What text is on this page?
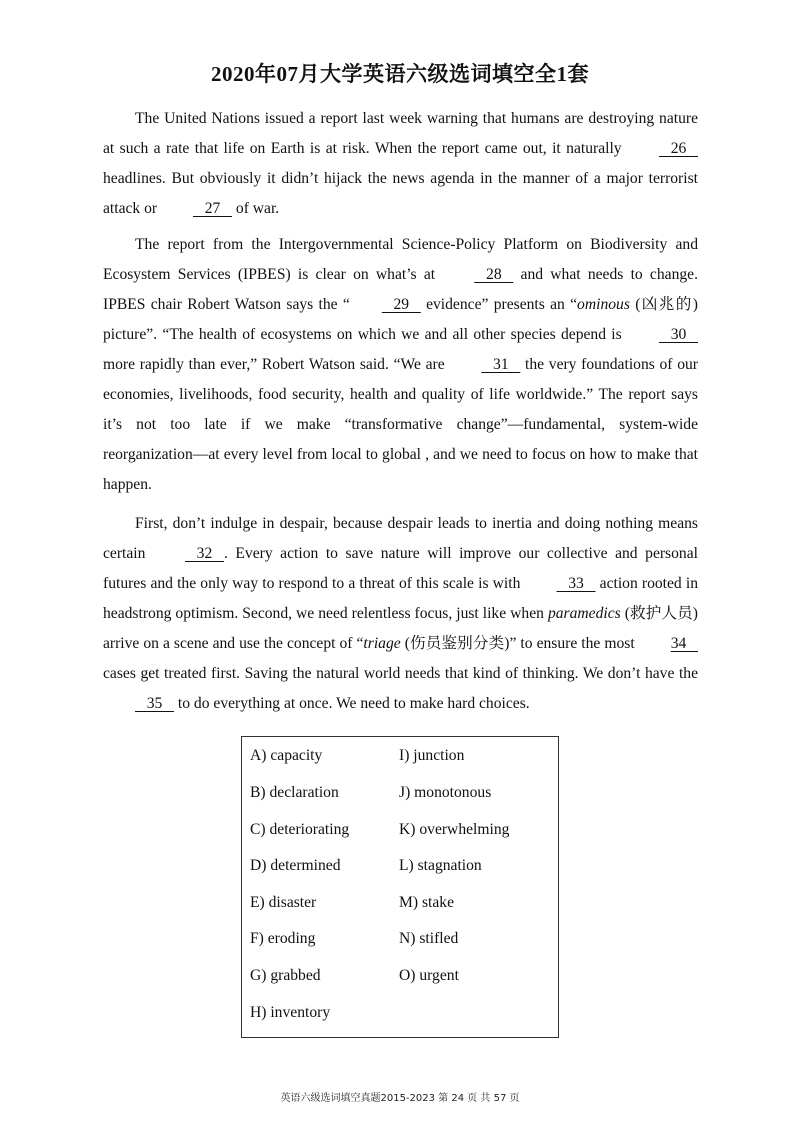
2020年07月大学英语六级选词填空全1套

The United Nations issued a report last week warning that humans are destroying nature at such a rate that life on Earth is at risk. When the report came out, it naturally    26    headlines. But obviously it didn’t hijack the news agenda in the manner of a major terrorist attack or    27    of war.

The report from the Intergovernmental Science-Policy Platform on Biodiversity and Ecosystem Services (IPBES) is clear on what’s at    28    and what needs to change. IPBES chair Robert Watson says the “   29    evidence” presents an “ominous (凶兆的) picture”. “The health of ecosystems on which we and all other species depend is    30    more rapidly than ever,” Robert Watson said. “We are    31    the very foundations of our economies, livelihoods, food security, health and quality of life worldwide.” The report says it’s not too late if we make “transformative change”—fundamental, system-wide reorganization—at every level from local to global , and we need to focus on how to make that happen.

First, don’t indulge in despair, because despair leads to inertia and doing nothing means certain    32   . Every action to save nature will improve our collective and personal futures and the only way to respond to a threat of this scale is with    33    action rooted in headstrong optimism. Second, we need relentless focus, just like when paramedics (救护人员) arrive on a scene and use the concept of “triage (伤员鉴别分类)” to ensure the most 34    cases get treated first. Saving the natural world needs that kind of thinking. We don’t have the    35    to do everything at once. We need to make hard choices.

A) capacity
B) declaration
C) deteriorating
D) determined
E) disaster
F) eroding
G) grabbed
H) inventory
I) junction
J) monotonous
K) overwhelming
L) stagnation
M) stake
N) stifled
O) urgent
英语六级选词填空真题2015-2023 第 24 页 共 57 页
